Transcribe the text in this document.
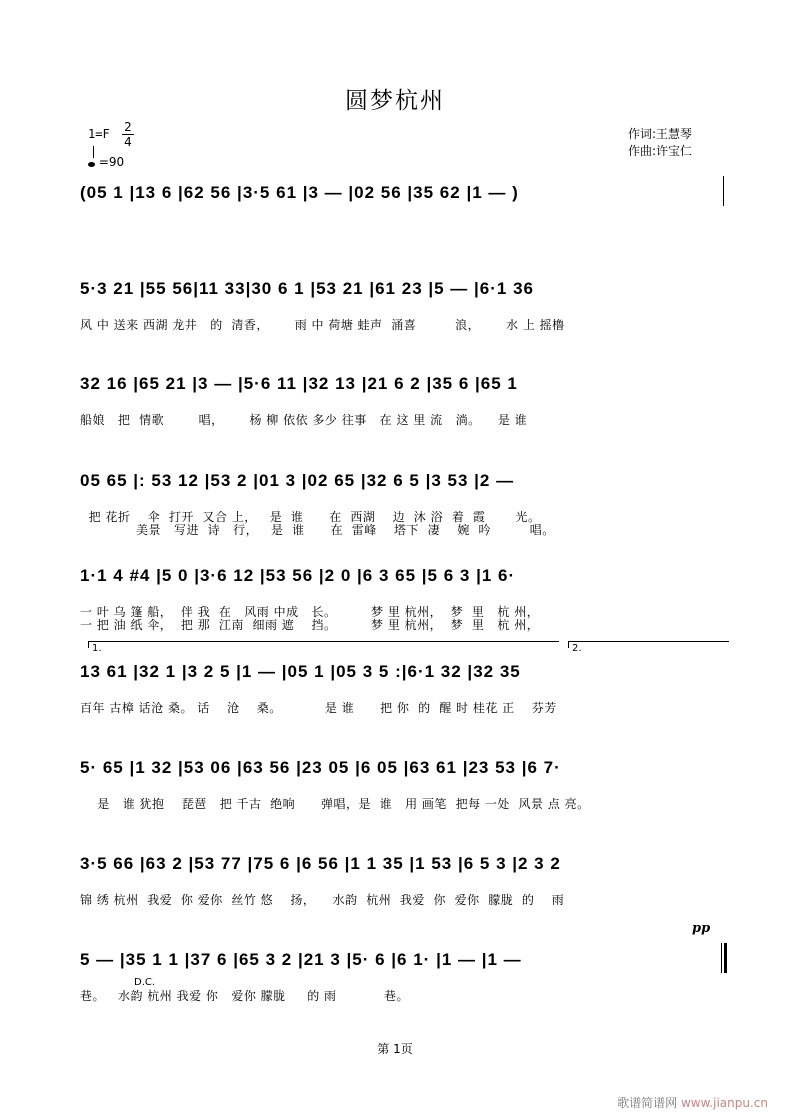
圆梦杭州
1=F 2
4
=90
作词:王慧琴
作曲:许宝仁
(05 1 |13 6 |62 56 |3·5 61 |3 — |02 56 |35 62 |1 — )
5·3 21 |55 56|11 33|30 6 1 |53 21 |61 23 |5 — |6·1 36
风 中 送来 西湖 龙井   的  清香，      雨 中 荷塘 蛙声  涌喜         浪，      水 上 摇橹
32 16 |65 21 |3 — |5·6 11 |32 13 |21 6 2 |35 6 |65 1
船娘   把  情歌        唱，      杨 柳 依依 多少 往事   在 这 里 流   淌。    是 谁
05 65 |: 53 12 |53 2 |01 3 |02 65 |32 6 5 |3 53 |2 —
把 花折    伞  打开  又合 上，   是  谁      在  西湖    边  沐 浴  着  霞       光。
美景   写进  诗   行，   是  谁      在  雷峰    塔下  凄    婉  吟         唱。
1·1 4 #4 |5 0 |3·6 12 |53 56 |2 0 |6 3 65 |5 6 3 |1 6·
一 叶 乌 篷 船，  伴 我  在   风雨 中成   长。        梦 里 杭州，  梦  里   杭 州，
一 把 油 纸 伞，  把 那  江南  细雨 遮    挡。        梦 里 杭州，  梦  里   杭 州，
1.	2.
13 61 |32 1 |3 2 5 |1 — |05 1 |05 3 5 :|6·1 32 |32 35
百年 古樟 话沧 桑。 话    沧    桑。          是 谁      把 你  的  醒 时 桂花 正    芬芳
5· 65 |1 32 |53 06 |63 56 |23 05 |6 05 |63 61 |23 53 |6 7·
是   谁 犹抱    琵琶   把 千古  绝响      弹唱，是  谁   用 画笔  把每 一处  风景 点 亮。
3·5 66 |63 2 |53 77 |75 6 |6 56 |1 1 35 |1 53 |6 5 3 |2 3 2
锦 绣 杭州  我爱  你 爱你  丝竹 悠    扬，    水韵  杭州  我爱  你  爱你  朦胧  的    雨
pp
5 — |35 1 1 |37 6 |65 3 2 |21 3 |5· 6 |6 1· |1 — |1 —
巷。   水韵 杭州 我爱 你   爱你 朦胧     的 雨           巷。
D.C.
第 1页
歌谱简谱网 www.jianpu.cn
